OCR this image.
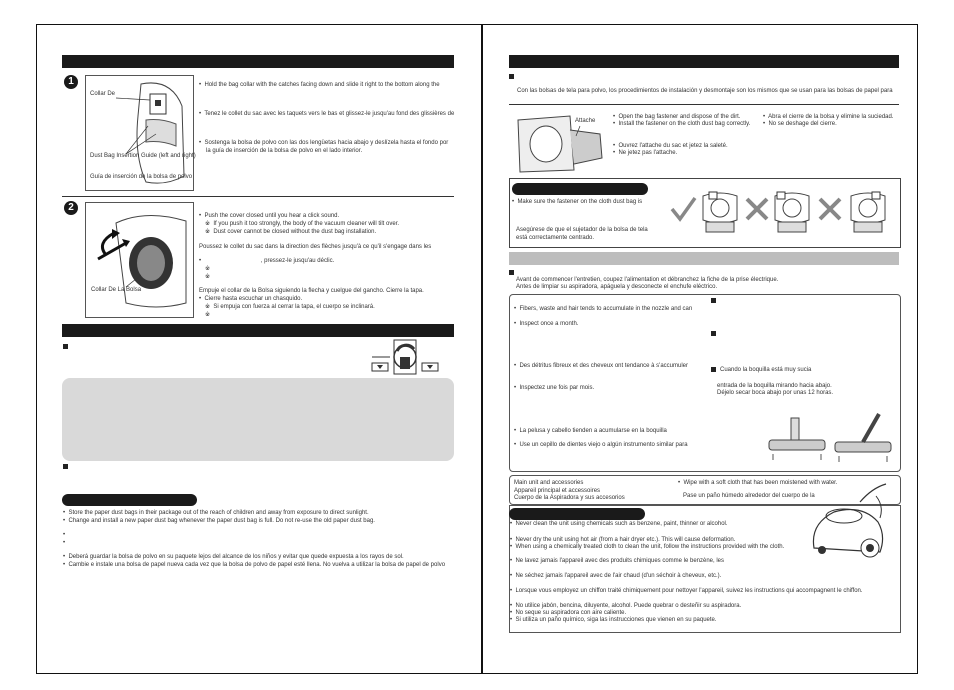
1
Collar De
Dust Bag Insertion Guide (left and right)
Guía de inserción de la bolsa de polvo
•  Hold the bag collar with the catches facing down and slide it right to the bottom along the
•  Tenez le collet du sac avec les taquets vers le bas et glissez-le jusqu'au fond des glissières de
•  Sostenga la bolsa de polvo con las dos lengüetas hacia abajo y deslízela hasta el fondo por
la guía de inserción de la bolsa de polvo en el lado interior.
2
Collar De La Bolsa
•  Push the cover closed until you hear a click sound.
※  If you push it too strongly, the body of the vacuum cleaner will tilt over.
※  Dust cover cannot be closed without the dust bag installation.
Poussez le collet du sac dans la direction des flèches jusqu'à ce qu'il s'engage dans les
•	, pressez-le jusqu'au déclic.
※
※
Empuje el collar de la Bolsa siguiendo la flecha y cuelgue del gancho. Cierre la tapa.
•  Cierre hasta escuchar un chasquido.
※  Si empuja con fuerza al cerrar la tapa, el cuerpo se inclinará.
※
•  Store the paper dust bags in their package out of the reach of children and away from exposure to direct sunlight.
•  Change and install a new paper dust bag whenever the paper dust bag is full. Do not re-use the old paper dust bag.
•
•
•  Deberá guardar la bolsa de polvo en su paquete lejos del alcance de los niños y evitar que quede expuesta a los rayos de sol.
•  Cambie e instale una bolsa de papel nueva cada vez que la bolsa de polvo de papel esté llena. No vuelva a utilizar la bolsa de papel de polvo
Con las bolsas de tela para polvo, los procedimientos de instalación y desmontaje son los mismos que se usan para las bolsas de papel para
Attache
•  Open the bag fastener and dispose of the dirt.
•  Install the fastener on the cloth dust bag correctly.
•  Ouvrez l'attache du sac et jetez la saleté.
•  Ne jetez pas l'attache.
•  Abra el cierre de la bolsa y elimine la suciedad.
•  No se deshage del cierre.
•  Make sure the fastener on the cloth dust bag is
Asegúrese de que el sujetador de la bolsa de tela
está correctamente centrado.
Avant de commencer l'entretien, coupez l'alimentation et débranchez la fiche de la prise électrique.
Antes de limpiar su aspiradora, apáguela y desconecte el enchufe eléctrico.
•  Fibers, waste and hair tends to accumulate in the nozzle and can
•  Inspect once a month.
•  Des détritus fibreux et des cheveux ont tendance à s'accumuler
•  Inspectez une fois par mois.
•  La pelusa y cabello tienden a acumularse en la boquilla
•  Use un cepillo de dientes viejo o algún instrumento similar para
Cuando la boquilla está muy sucia
entrada de la boquilla mirando hacia abajo.
Déjelo secar boca abajo por unas 12 horas.
Main unit and accessories
Appareil principal et accessoires
Cuerpo de la Aspiradora y sus accesorios
•  Wipe with a soft cloth that has been moistened with water.
Pase un paño húmedo alrededor del cuerpo de la
•  Never clean the unit using chemicals such as benzene, paint, thinner or alcohol.
•  Never dry the unit using hot air (from a hair dryer etc.). This will cause deformation.
•  When using a chemically treated cloth to clean the unit, follow the instructions provided with the cloth.
•  Ne lavez jamais l'appareil avec des produits chimiques comme le benzène, les
•  Ne séchez jamais l'appareil avec de l'air chaud (d'un séchoir à cheveux, etc.).
•  Lorsque vous employez un chiffon traité chimiquement pour nettoyer l'appareil, suivez les instructions qui accompagnent le chiffon.
•  No utilice jabón, bencina, diluyente, alcohol. Puede quebrar o desteñir su aspiradora.
•  No seque su aspiradora con aire caliente.
•  Si utiliza un paño químico, siga las instrucciones que vienen en su paquete.
